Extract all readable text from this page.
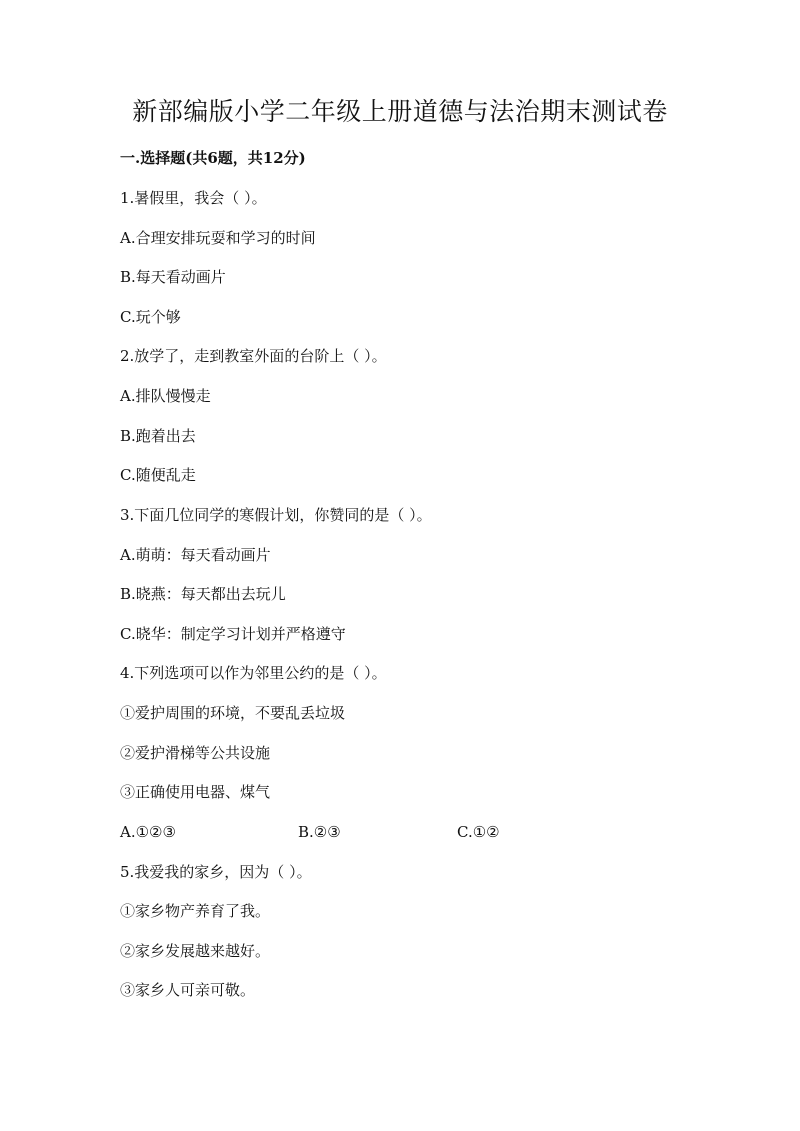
新部编版小学二年级上册道德与法治期末测试卷
一.选择题(共6题，共12分)

1.暑假里，我会（ ）。

A.合理安排玩耍和学习的时间

B.每天看动画片

C.玩个够

2.放学了，走到教室外面的台阶上（ ）。

A.排队慢慢走

B.跑着出去

C.随便乱走

3.下面几位同学的寒假计划，你赞同的是（ ）。

A.萌萌：每天看动画片

B.晓燕：每天都出去玩儿

C.晓华：制定学习计划并严格遵守

4.下列选项可以作为邻里公约的是（ ）。

①爱护周围的环境，不要乱丢垃圾

②爱护滑梯等公共设施

③正确使用电器、煤气

A.①②③	B.②③	C.①②

5.我爱我的家乡，因为（ ）。

①家乡物产养育了我。

②家乡发展越来越好。

③家乡人可亲可敬。
